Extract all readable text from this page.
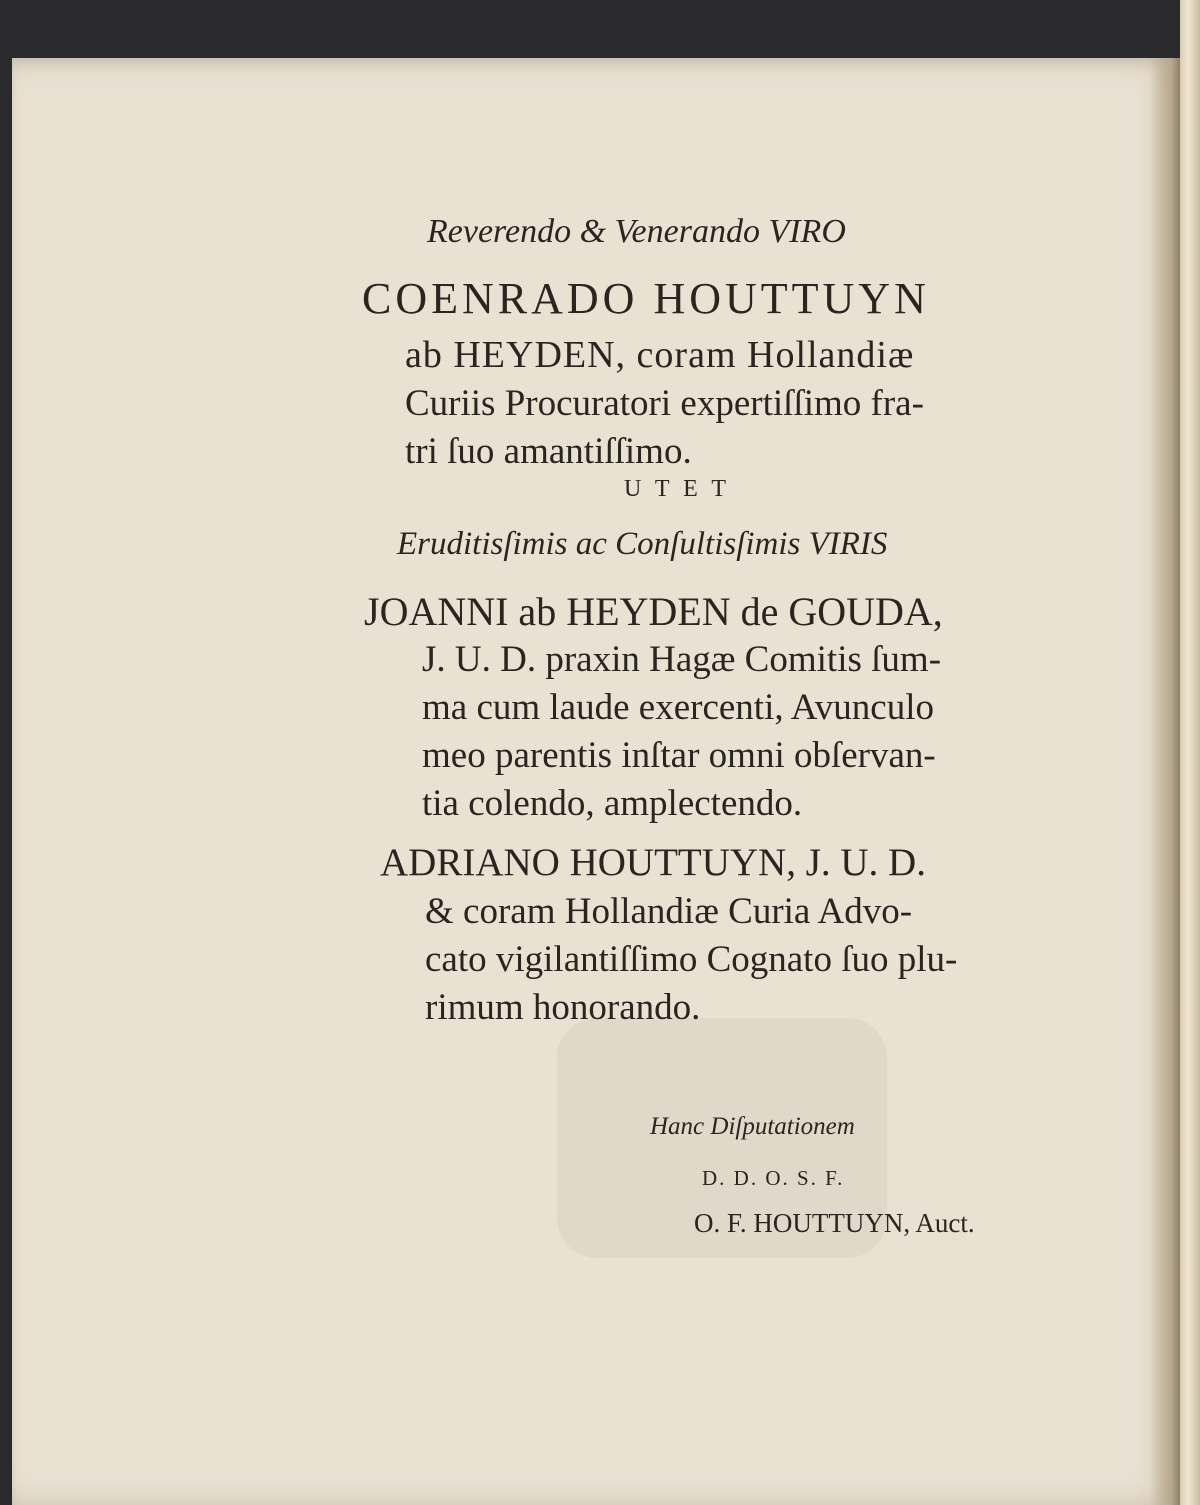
Reverendo & Venerando VIRO
COENRADO HOUTTUYN
ab HEYDEN, coram Hollandiæ
Curiis Procuratori expertiſſimo fra-
tri ſuo amantiſſimo.
U T E T
Eruditisſimis ac Conſultisſimis VIRIS
JOANNI ab HEYDEN de GOUDA,
J. U. D. praxin Hagæ Comitis ſum-
ma cum laude exercenti, Avunculo
meo parentis inſtar omni obſervan-
tia colendo, amplectendo.
ADRIANO HOUTTUYN, J. U. D.
& coram Hollandiæ Curia Advo-
cato vigilantiſſimo Cognato ſuo plu-
rimum honorando.
Hanc Diſputationem
D. D. O. S. F.
O. F. HOUTTUYN, Auct.
